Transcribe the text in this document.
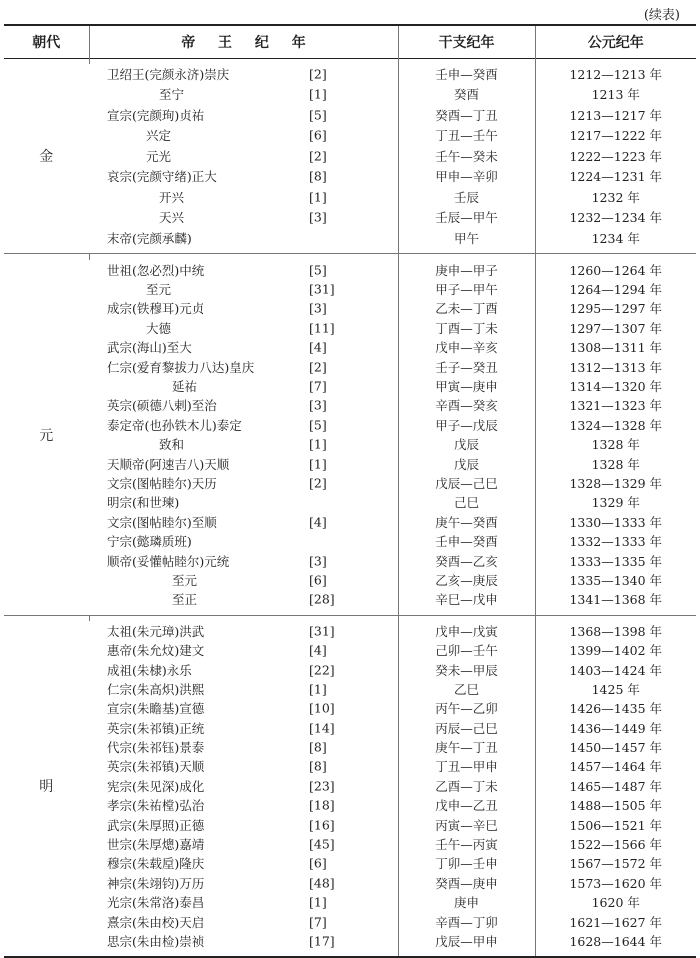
(续表)
朝代	帝 王 纪 年	干支纪年	公元纪年
金			

	卫绍王(完颜永济)崇庆 [2]	壬申—癸酉	1212—1213 年

	至宁 [1]	癸酉	1213 年

	宣宗(完颜珣)贞祐 [5]	癸酉—丁丑	1213—1217 年

	兴定 [6]	丁丑—壬午	1217—1222 年

	元光 [2]	壬午—癸未	1222—1223 年

	哀宗(完颜守绪)正大 [8]	甲申—辛卯	1224—1231 年

	开兴 [1]	壬辰	1232 年

	天兴 [3]	壬辰—甲午	1232—1234 年

	末帝(完颜承麟)	甲午	1234 年

元			

	世祖(忽必烈)中统 [5]	庚申—甲子	1260—1264 年

	至元 [31]	甲子—甲午	1264—1294 年

	成宗(铁穆耳)元贞 [3]	乙未—丁酉	1295—1297 年

	大德 [11]	丁酉—丁未	1297—1307 年

	武宗(海山)至大 [4]	戊申—辛亥	1308—1311 年

	仁宗(爱育黎拔力八达)皇庆 [2]	壬子—癸丑	1312—1313 年

	延祐 [7]	甲寅—庚申	1314—1320 年

	英宗(硕德八剌)至治 [3]	辛酉—癸亥	1321—1323 年

	泰定帝(也孙铁木儿)泰定 [5]	甲子—戊辰	1324—1328 年

	致和 [1]	戊辰	1328 年

	天顺帝(阿速吉八)天顺 [1]	戊辰	1328 年

	文宗(图帖睦尔)天历 [2]	戊辰—己巳	1328—1329 年

	明宗(和世瑓)	己巳	1329 年

	文宗(图帖睦尔)至顺 [4]	庚午—癸酉	1330—1333 年

	宁宗(懿璘质班)	壬申—癸酉	1332—1333 年

	顺帝(妥懽帖睦尔)元统 [3]	癸酉—乙亥	1333—1335 年

	至元 [6]	乙亥—庚辰	1335—1340 年

	至正 [28]	辛巳—戊申	1341—1368 年

明			

	太祖(朱元璋)洪武 [31]	戊申—戊寅	1368—1398 年

	惠帝(朱允炆)建文 [4]	己卯—壬午	1399—1402 年

	成祖(朱棣)永乐 [22]	癸未—甲辰	1403—1424 年

	仁宗(朱高炽)洪熙 [1]	乙巳	1425 年

	宣宗(朱瞻基)宣德 [10]	丙午—乙卯	1426—1435 年

	英宗(朱祁镇)正统 [14]	丙辰—己巳	1436—1449 年

	代宗(朱祁钰)景泰 [8]	庚午—丁丑	1450—1457 年

	英宗(朱祁镇)天顺 [8]	丁丑—甲申	1457—1464 年

	宪宗(朱见深)成化 [23]	乙酉—丁未	1465—1487 年

	孝宗(朱祐樘)弘治 [18]	戊申—乙丑	1488—1505 年

	武宗(朱厚照)正德 [16]	丙寅—辛巳	1506—1521 年

	世宗(朱厚熜)嘉靖 [45]	壬午—丙寅	1522—1566 年

	穆宗(朱载垕)隆庆 [6]	丁卯—壬申	1567—1572 年

	神宗(朱翊钧)万历 [48]	癸酉—庚申	1573—1620 年

	光宗(朱常洛)泰昌 [1]	庚申	1620 年

	熹宗(朱由校)天启 [7]	辛酉—丁卯	1621—1627 年

	思宗(朱由检)崇祯 [17]	戊辰—甲申	1628—1644 年
